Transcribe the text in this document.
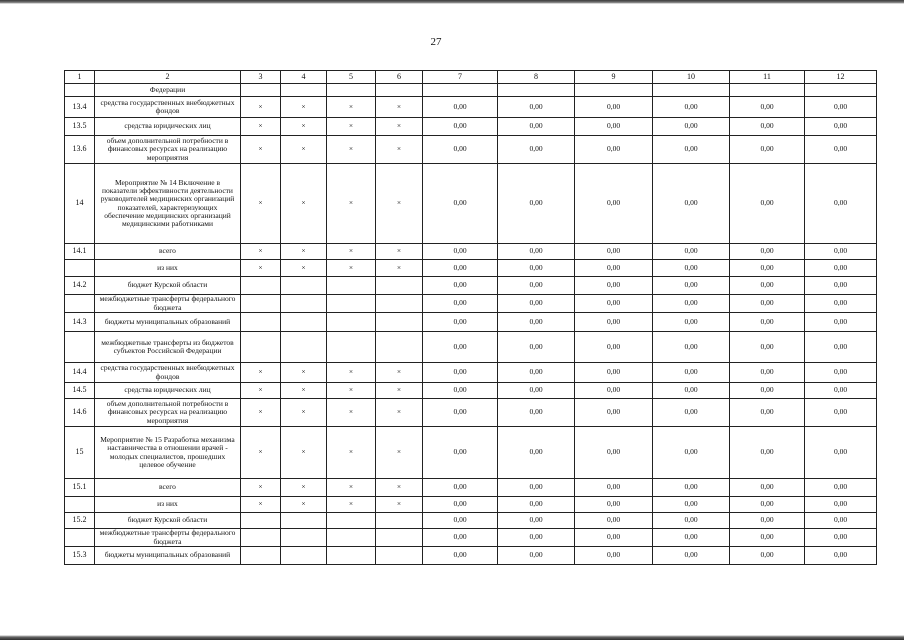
27
1	2	3	4	5	6	7	8	9	10	11	12
	Федерации										
13.4	средства государственных внебюджетных фондов	×	×	×	×	0,00	0,00	0,00	0,00	0,00	0,00
13.5	средства юридических лиц	×	×	×	×	0,00	0,00	0,00	0,00	0,00	0,00
13.6	объем дополнительной потребности в финансовых ресурсах на реализацию мероприятия	×	×	×	×	0,00	0,00	0,00	0,00	0,00	0,00
14	Мероприятие № 14 Включение в показатели эффективности деятельности руководителей медицинских организаций показателей, характеризующих обеспечение медицинских организаций медицинскими работниками	×	×	×	×	0,00	0,00	0,00	0,00	0,00	0,00
14.1	всего	×	×	×	×	0,00	0,00	0,00	0,00	0,00	0,00
	из них	×	×	×	×	0,00	0,00	0,00	0,00	0,00	0,00
14.2	бюджет Курской области					0,00	0,00	0,00	0,00	0,00	0,00
	межбюджетные трансферты федерального бюджета					0,00	0,00	0,00	0,00	0,00	0,00
14.3	бюджеты муниципальных образований					0,00	0,00	0,00	0,00	0,00	0,00
	межбюджетные трансферты из бюджетов субъектов Российской Федерации					0,00	0,00	0,00	0,00	0,00	0,00
14.4	средства государственных внебюджетных фондов	×	×	×	×	0,00	0,00	0,00	0,00	0,00	0,00
14.5	средства юридических лиц	×	×	×	×	0,00	0,00	0,00	0,00	0,00	0,00
14.6	объем дополнительной потребности в финансовых ресурсах на реализацию мероприятия	×	×	×	×	0,00	0,00	0,00	0,00	0,00	0,00
15	Мероприятие № 15 Разработка механизма наставничества в отношении врачей - молодых специалистов, прошедших целевое обучение	×	×	×	×	0,00	0,00	0,00	0,00	0,00	0,00
15.1	всего	×	×	×	×	0,00	0,00	0,00	0,00	0,00	0,00
	из них	×	×	×	×	0,00	0,00	0,00	0,00	0,00	0,00
15.2	бюджет Курской области					0,00	0,00	0,00	0,00	0,00	0,00
	межбюджетные трансферты федерального бюджета					0,00	0,00	0,00	0,00	0,00	0,00
15.3	бюджеты муниципальных образований					0,00	0,00	0,00	0,00	0,00	0,00
